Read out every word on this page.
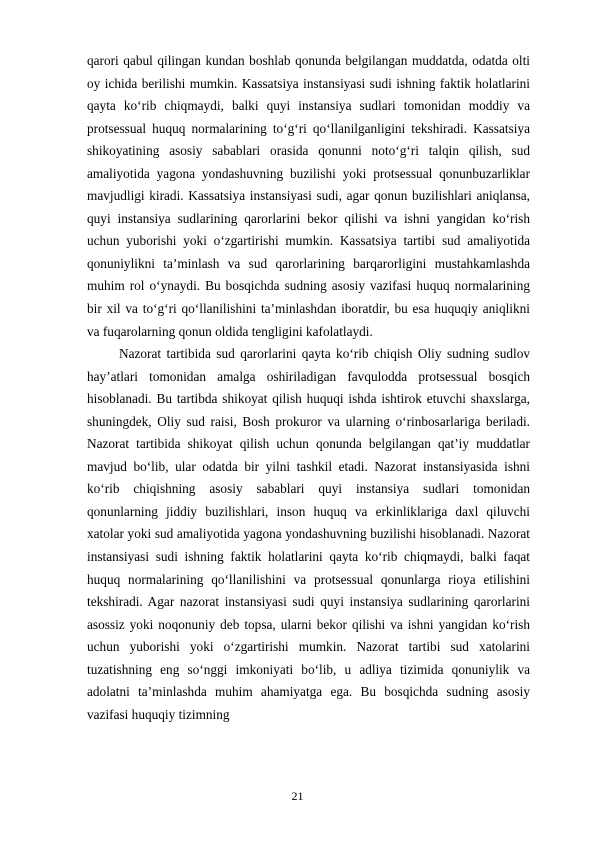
qarori qabul qilingan kundan boshlab qonunda belgilangan muddatda, odatda olti oy ichida berilishi mumkin. Kassatsiya instansiyasi sudi ishning faktik holatlarini qayta ko‘rib chiqmaydi, balki quyi instansiya sudlari tomonidan moddiy va protsessual huquq normalarining to‘g‘ri qo‘llanilganligini tekshiradi. Kassatsiya shikoyatining asosiy sabablari orasida qonunni noto‘g‘ri talqin qilish, sud amaliyotida yagona yondashuvning buzilishi yoki protsessual qonunbuzarliklar mavjudligi kiradi. Kassatsiya instansiyasi sudi, agar qonun buzilishlari aniqlansa, quyi instansiya sudlarining qarorlarini bekor qilishi va ishni yangidan ko‘rish uchun yuborishi yoki o‘zgartirishi mumkin. Kassatsiya tartibi sud amaliyotida qonuniylikni ta’minlash va sud qarorlarining barqarorligini mustahkamlashda muhim rol o‘ynaydi. Bu bosqichda sudning asosiy vazifasi huquq normalarining bir xil va to‘g‘ri qo‘llanilishini ta’minlashdan iboratdir, bu esa huquqiy aniqlikni va fuqarolarning qonun oldida tengligini kafolatlaydi.

Nazorat tartibida sud qarorlarini qayta ko‘rib chiqish Oliy sudning sudlov hay’atlari tomonidan amalga oshiriladigan favqulodda protsessual bosqich hisoblanadi. Bu tartibda shikoyat qilish huquqi ishda ishtirok etuvchi shaxslarga, shuningdek, Oliy sud raisi, Bosh prokuror va ularning o‘rinbosarlariga beriladi. Nazorat tartibida shikoyat qilish uchun qonunda belgilangan qat’iy muddatlar mavjud bo‘lib, ular odatda bir yilni tashkil etadi. Nazorat instansiyasida ishni ko‘rib chiqishning asosiy sabablari quyi instansiya sudlari tomonidan qonunlarning jiddiy buzilishlari, inson huquq va erkinliklariga daxl qiluvchi xatolar yoki sud amaliyotida yagona yondashuvning buzilishi hisoblanadi. Nazorat instansiyasi sudi ishning faktik holatlarini qayta ko‘rib chiqmaydi, balki faqat huquq normalarining qo‘llanilishini va protsessual qonunlarga rioya etilishini tekshiradi. Agar nazorat instansiyasi sudi quyi instansiya sudlarining qarorlarini asossiz yoki noqonuniy deb topsa, ularni bekor qilishi va ishni yangidan ko‘rish uchun yuborishi yoki o‘zgartirishi mumkin. Nazorat tartibi sud xatolarini tuzatishning eng so‘nggi imkoniyati bo‘lib, u adliya tizimida qonuniylik va adolatni ta’minlashda muhim ahamiyatga ega. Bu bosqichda sudning asosiy vazifasi huquqiy tizimning

21
